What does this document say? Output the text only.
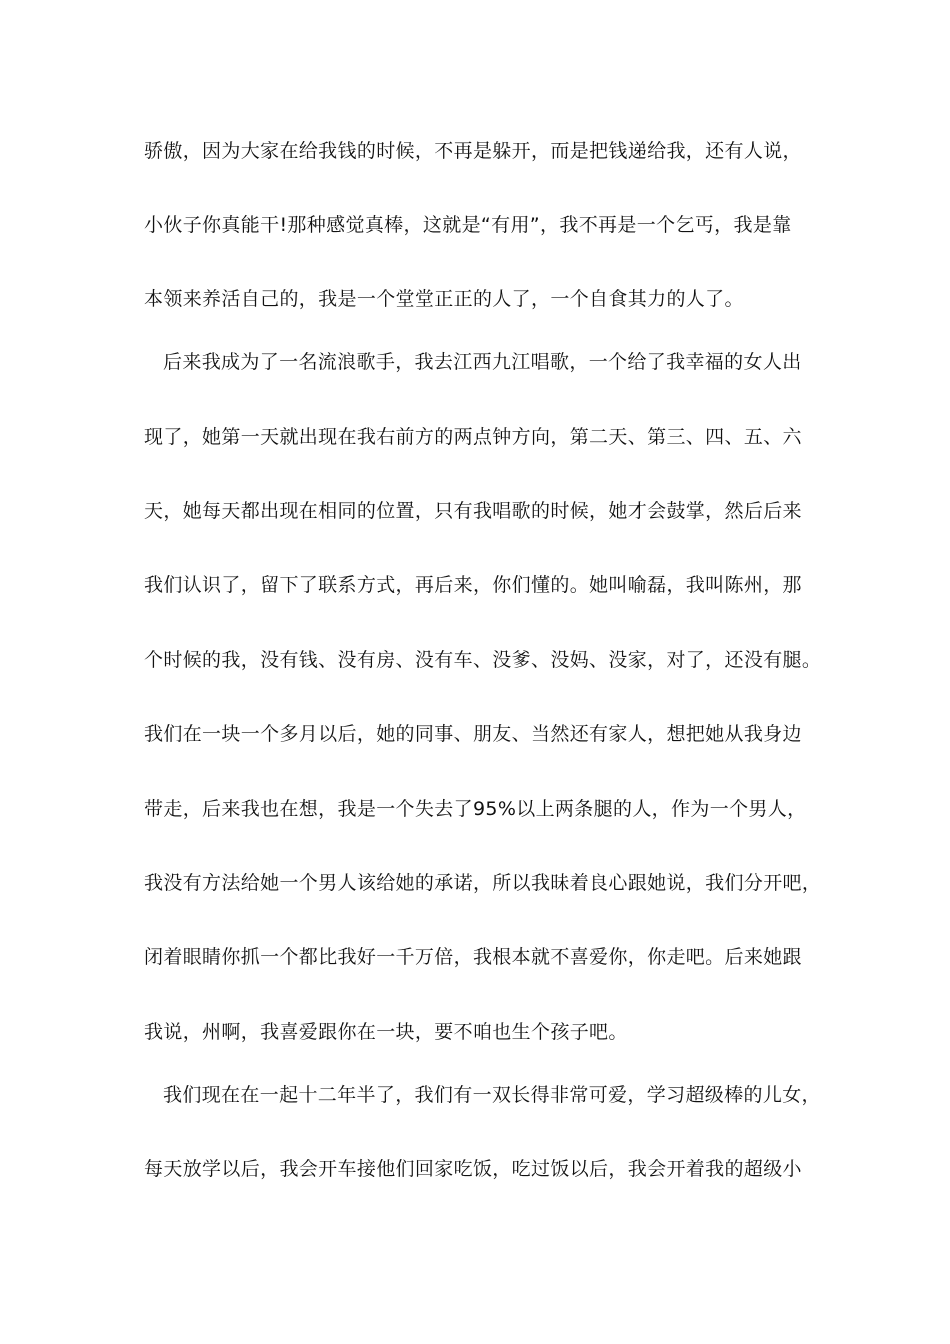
骄傲，因为大家在给我钱的时候，不再是躲开，而是把钱递给我，还有人说，
小伙子你真能干!那种感觉真棒，这就是“有用”，我不再是一个乞丐，我是靠
本领来养活自己的，我是一个堂堂正正的人了，一个自食其力的人了。
后来我成为了一名流浪歌手，我去江西九江唱歌，一个给了我幸福的女人出
现了，她第一天就出现在我右前方的两点钟方向，第二天、第三、四、五、六
天，她每天都出现在相同的位置，只有我唱歌的时候，她才会鼓掌，然后后来
我们认识了，留下了联系方式，再后来，你们懂的。她叫喻磊，我叫陈州，那
个时候的我，没有钱、没有房、没有车、没爹、没妈、没家，对了，还没有腿。
我们在一块一个多月以后，她的同事、朋友、当然还有家人，想把她从我身边
带走，后来我也在想，我是一个失去了95%以上两条腿的人，作为一个男人，
我没有方法给她一个男人该给她的承诺，所以我昧着良心跟她说，我们分开吧，
闭着眼睛你抓一个都比我好一千万倍，我根本就不喜爱你，你走吧。后来她跟
我说，州啊，我喜爱跟你在一块，要不咱也生个孩子吧。
我们现在在一起十二年半了，我们有一双长得非常可爱，学习超级棒的儿女，
每天放学以后，我会开车接他们回家吃饭，吃过饭以后，我会开着我的超级小
